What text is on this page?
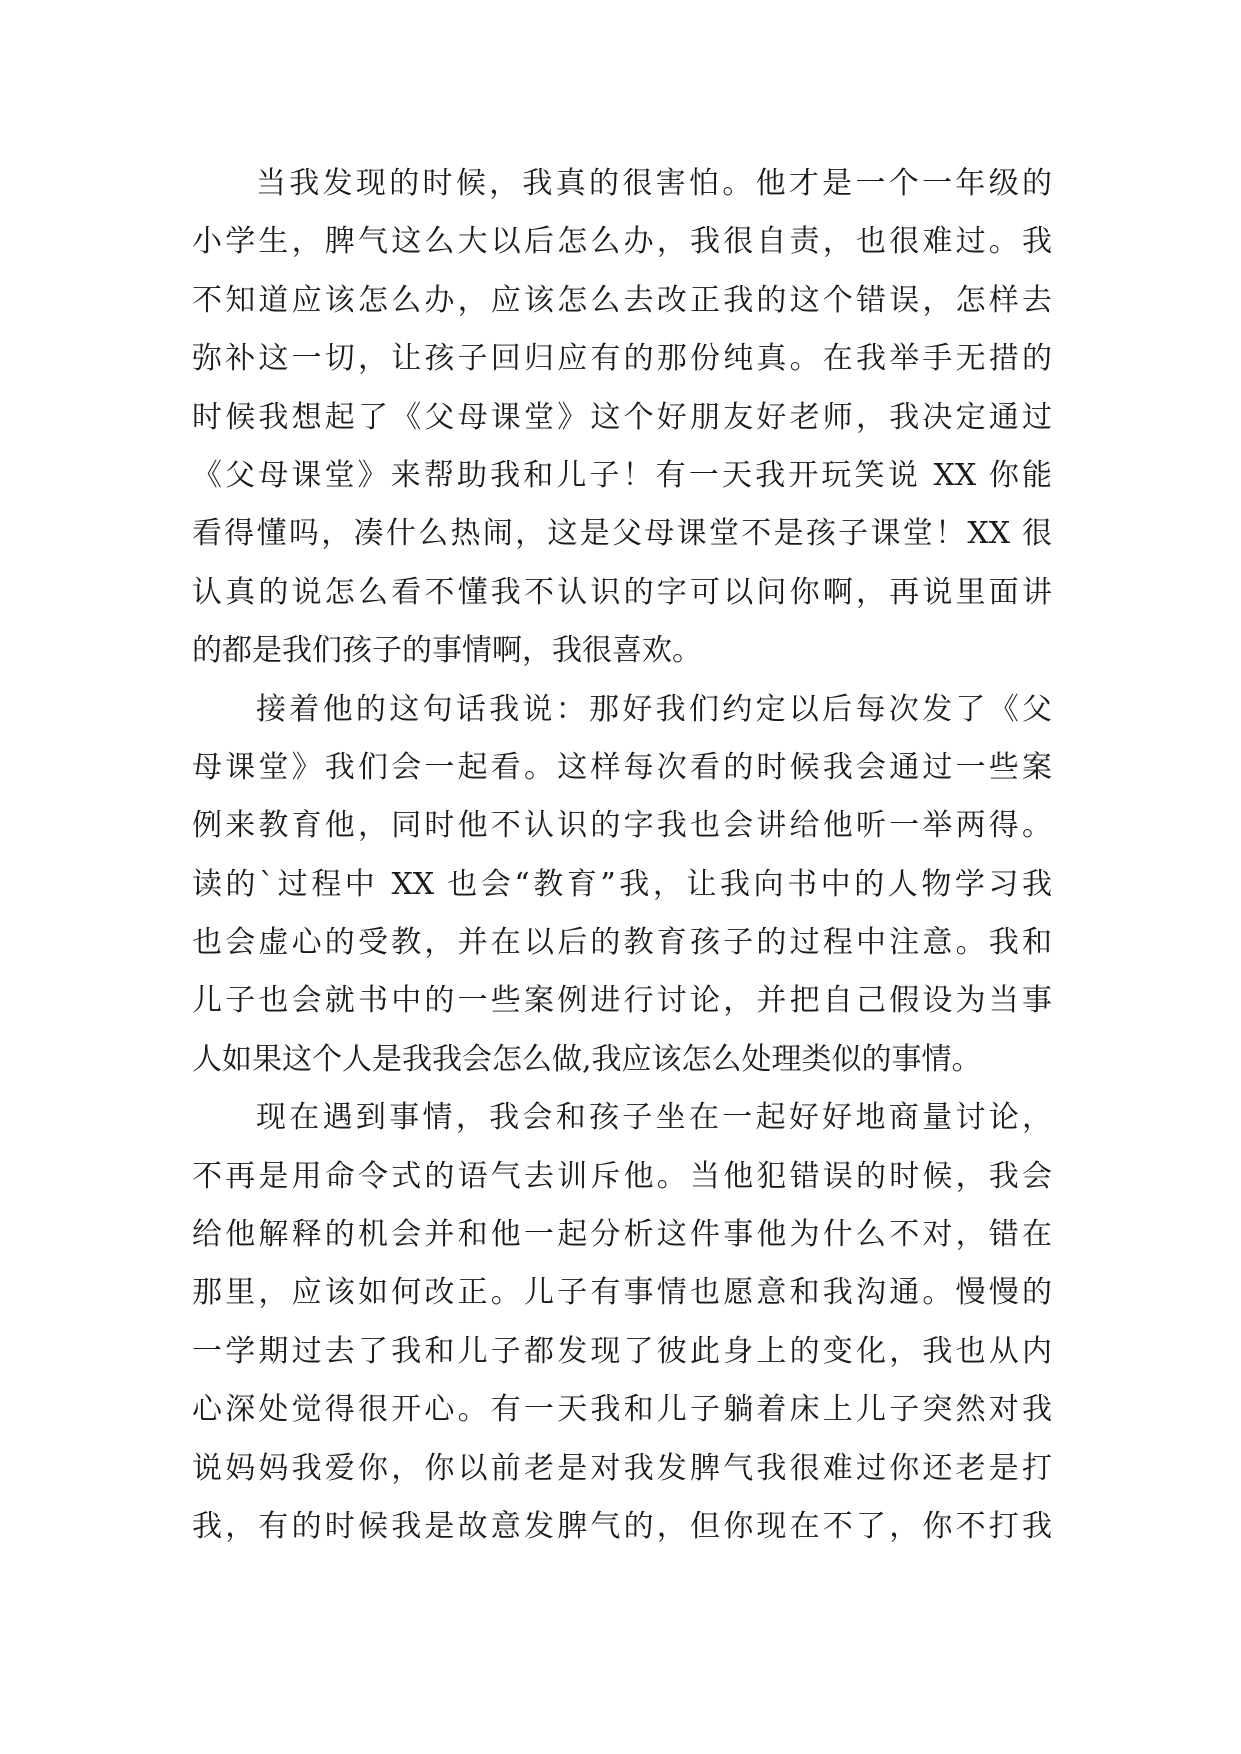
当我发现的时候，我真的很害怕。他才是一个一年级的
小学生，脾气这么大以后怎么办，我很自责，也很难过。我
不知道应该怎么办，应该怎么去改正我的这个错误，怎样去
弥补这一切，让孩子回归应有的那份纯真。在我举手无措的
时候我想起了《父母课堂》这个好朋友好老师，我决定通过
《父母课堂》来帮助我和儿子！有一天我开玩笑说 XX 你能
看得懂吗，凑什么热闹，这是父母课堂不是孩子课堂！XX 很
认真的说怎么看不懂我不认识的字可以问你啊，再说里面讲
的都是我们孩子的事情啊，我很喜欢。
接着他的这句话我说：那好我们约定以后每次发了《父
母课堂》我们会一起看。这样每次看的时候我会通过一些案
例来教育他，同时他不认识的字我也会讲给他听一举两得。
读的`过程中 XX 也会“教育”我，让我向书中的人物学习我
也会虚心的受教，并在以后的教育孩子的过程中注意。我和
儿子也会就书中的一些案例进行讨论，并把自己假设为当事
人如果这个人是我我会怎么做,我应该怎么处理类似的事情。
现在遇到事情，我会和孩子坐在一起好好地商量讨论，
不再是用命令式的语气去训斥他。当他犯错误的时候，我会
给他解释的机会并和他一起分析这件事他为什么不对，错在
那里，应该如何改正。儿子有事情也愿意和我沟通。慢慢的
一学期过去了我和儿子都发现了彼此身上的变化，我也从内
心深处觉得很开心。有一天我和儿子躺着床上儿子突然对我
说妈妈我爱你，你以前老是对我发脾气我很难过你还老是打
我，有的时候我是故意发脾气的，但你现在不了，你不打我
